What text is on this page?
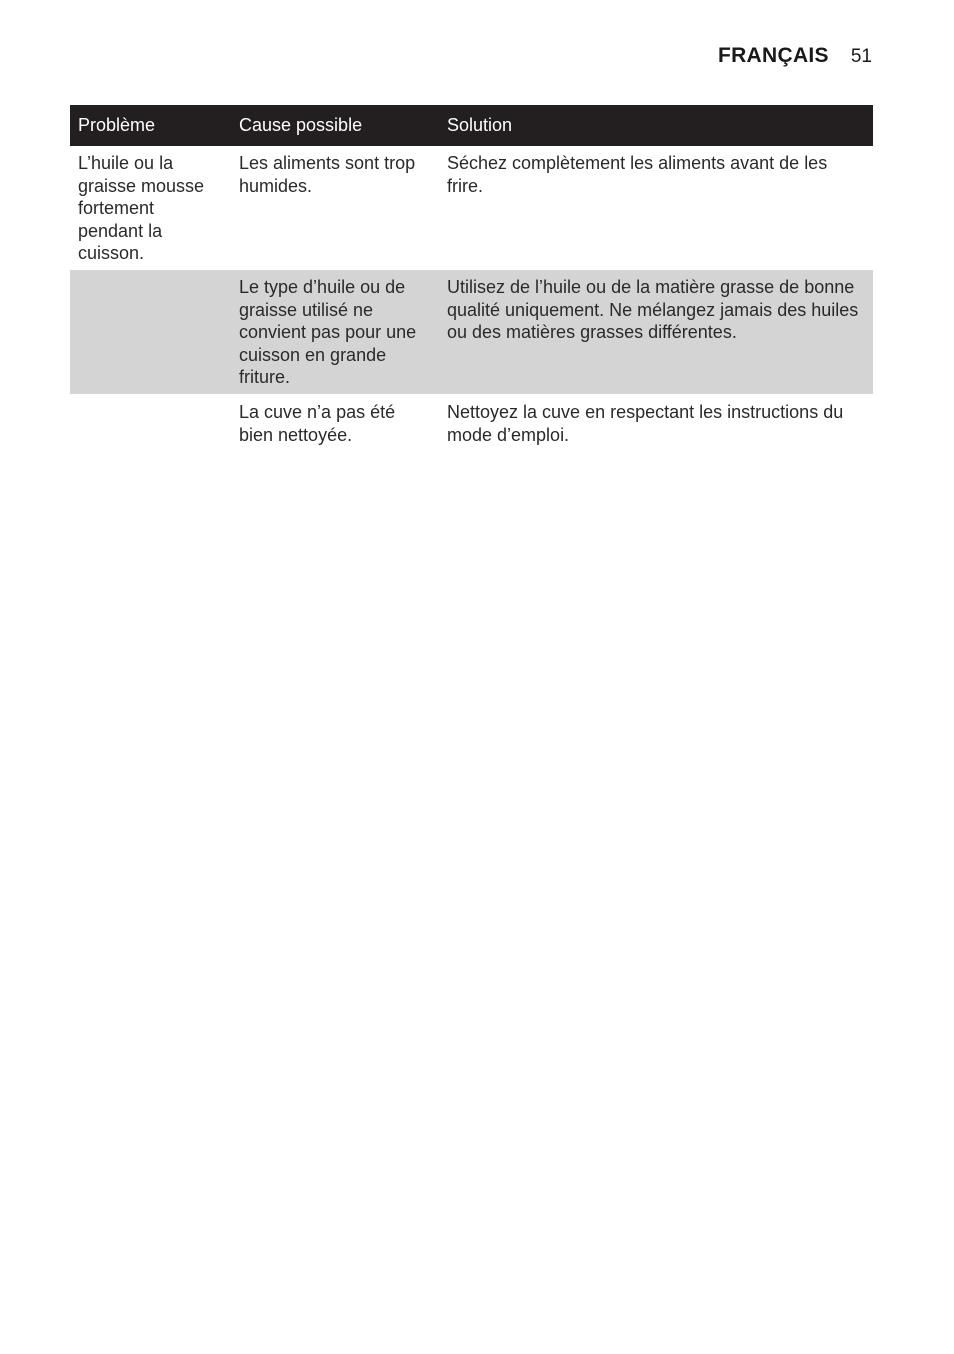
FRANÇAIS 51
Problème	Cause possible	Solution
L’huile ou la graisse mousse fortement pendant la cuisson.	Les aliments sont trop humides.	Séchez complètement les aliments avant de les frire.
	Le type d’huile ou de graisse utilisé ne convient pas pour une cuisson en grande friture.	Utilisez de l’huile ou de la matière grasse de bonne qualité uniquement. Ne mélangez jamais des huiles ou des matières grasses différentes.
	La cuve n’a pas été bien nettoyée.	Nettoyez la cuve en respectant les instructions du mode d’emploi.
